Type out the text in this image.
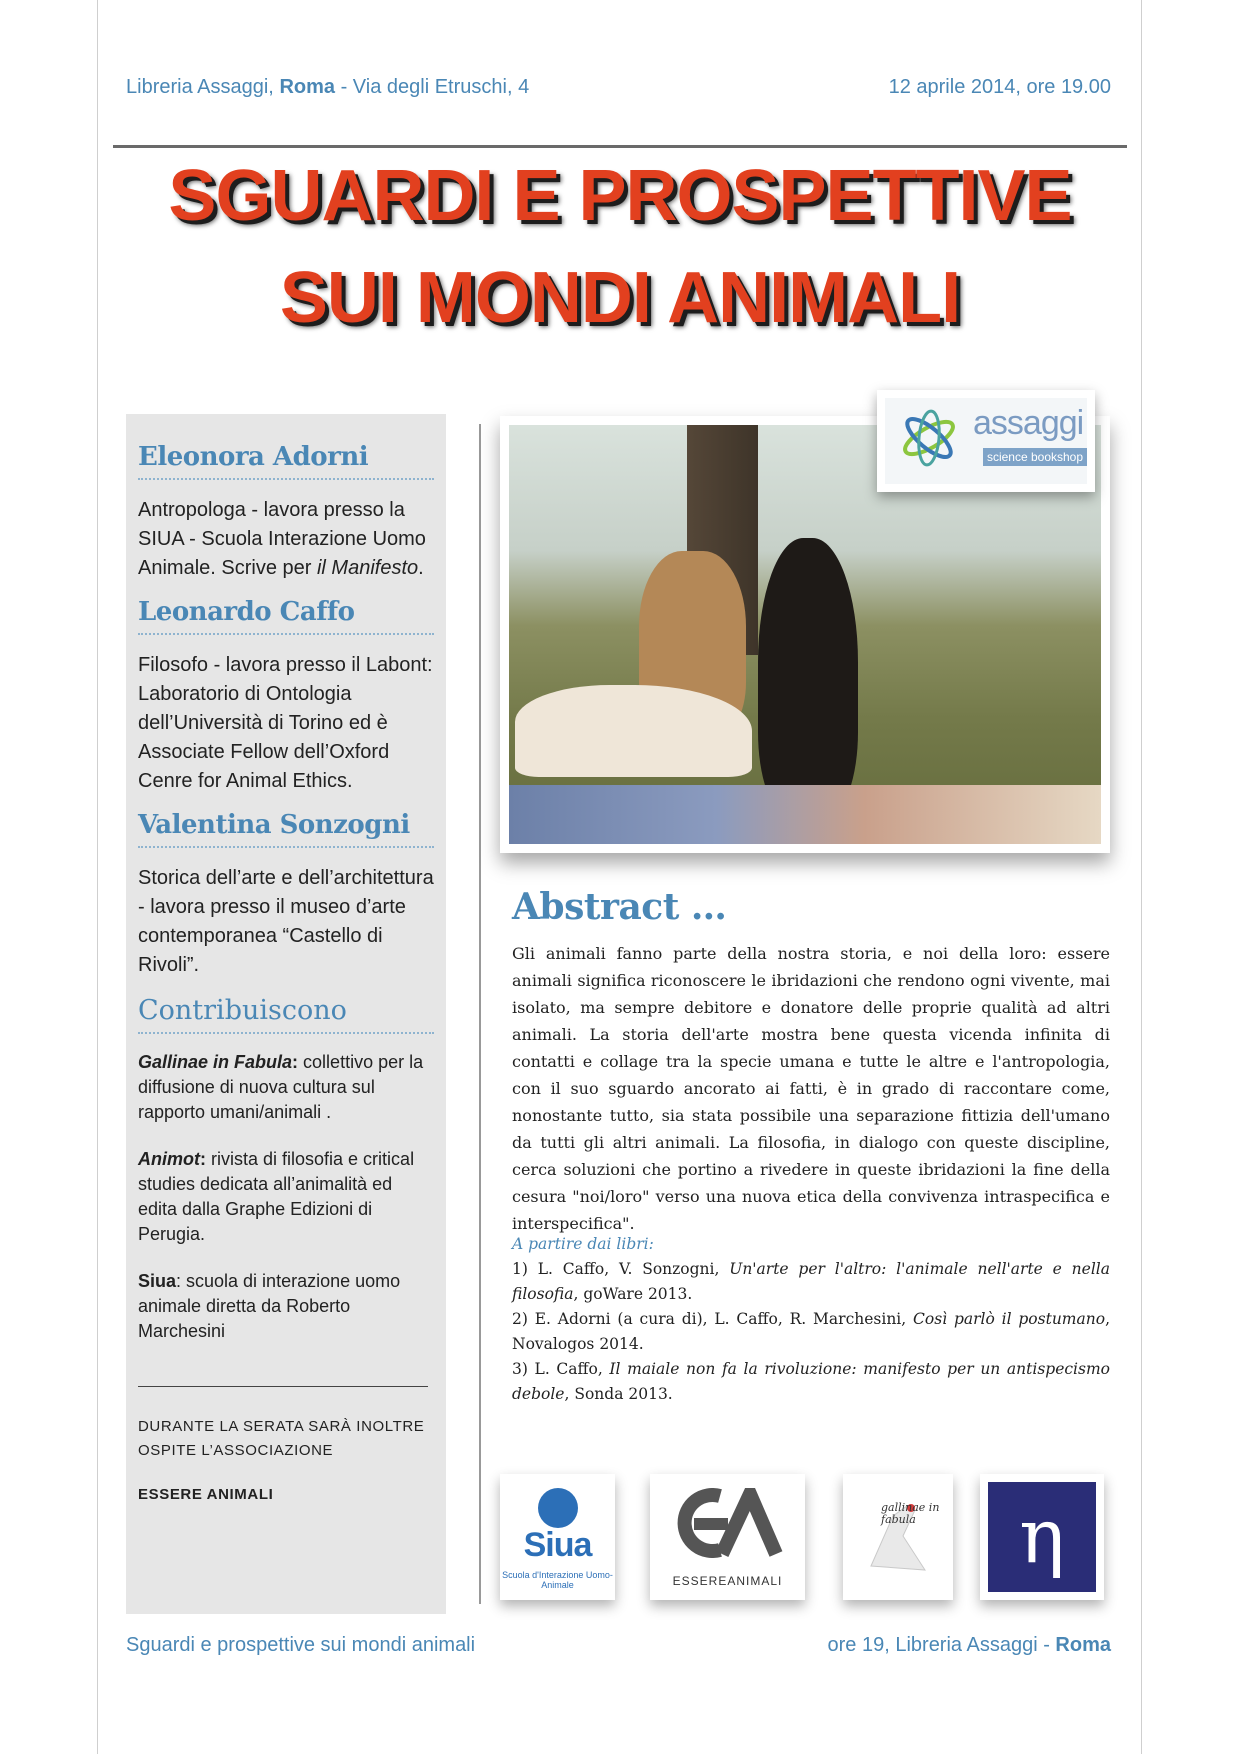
Libreria Assaggi, Roma - Via degli Etruschi, 4	12 aprile 2014, ore 19.00
SGUARDI E PROSPETTIVE
SUI MONDI ANIMALI
Eleonora Adorni
Antropologa - lavora presso la SIUA - Scuola Interazione Uomo Animale. Scrive per il Manifesto.
Leonardo Caffo
Filosofo - lavora presso il Labont: Laboratorio di Ontologia dell’Università di Torino ed è Associate Fellow dell’Oxford Cenre for Animal Ethics.
Valentina Sonzogni
Storica dell’arte e dell’architettura - lavora presso il museo d’arte contemporanea “Castello di Rivoli”.
Contribuiscono
Gallinae in Fabula: collettivo per la diffusione di nuova cultura sul rapporto umani/animali .
Animot: rivista di filosofia e critical studies dedicata all’animalità ed edita dalla Graphe Edizioni di Perugia.
Siua: scuola di interazione uomo animale diretta da Roberto Marchesini
DURANTE LA SERATA SARÀ INOLTRE
OSPITE L’ASSOCIAZIONE
ESSERE ANIMALI
assaggi
science bookshop
Abstract …
Gli animali fanno parte della nostra storia, e noi della loro: essere animali significa riconoscere le ibridazioni che rendono ogni vivente, mai isolato, ma sempre debitore e donatore delle proprie qualità ad altri animali. La storia dell'arte mostra bene questa vicenda infinita di contatti e collage tra la specie umana e tutte le altre e l'antropologia, con il suo sguardo ancorato ai fatti, è in grado di raccontare come, nonostante tutto, sia stata possibile una separazione fittizia dell'umano da tutti gli altri animali. La filosofia, in dialogo con queste discipline, cerca soluzioni che portino a rivedere in queste ibridazioni la fine della cesura "noi/loro" verso una nuova etica della convivenza intraspecifica e interspecifica".
A partire dai libri:
1) L. Caffo, V. Sonzogni, Un'arte per l'altro: l'animale nell'arte e nella filosofia, goWare 2013.
2) E. Adorni (a cura di), L. Caffo, R. Marchesini, Così parlò il postumano, Novalogos 2014.
3) L. Caffo, Il maiale non fa la rivoluzione: manifesto per un antispecismo debole, Sonda 2013.
Siua
Scuola d'Interazione Uomo-Animale	ESSEREANIMALI
gallinae in fabula	η
Sguardi e prospettive sui mondi animali	ore 19, Libreria Assaggi - Roma
